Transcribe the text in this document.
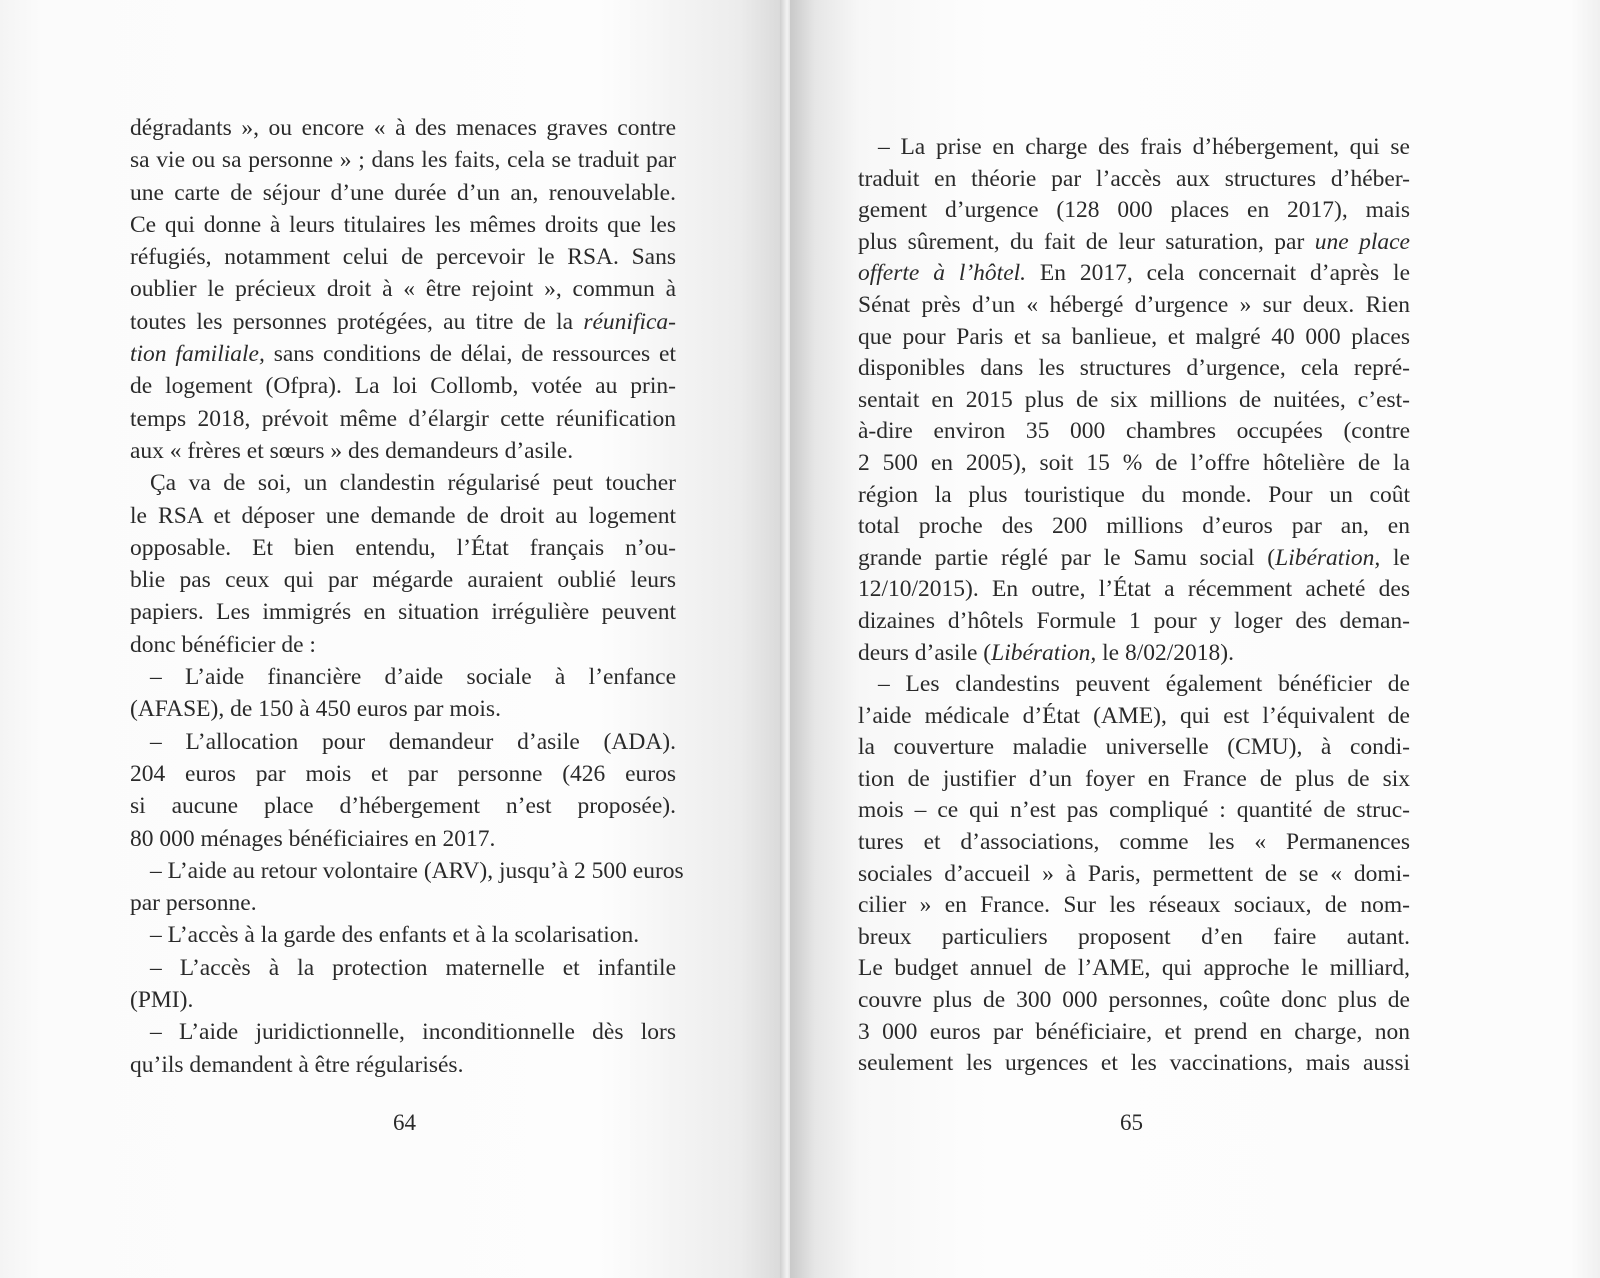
dégradants », ou encore « à des menaces graves contre
sa vie ou sa personne » ; dans les faits, cela se traduit par
une carte de séjour d’une durée d’un an, renouvelable.
Ce qui donne à leurs titulaires les mêmes droits que les
réfugiés, notamment celui de percevoir le RSA. Sans
oublier le précieux droit à « être rejoint », commun à
toutes les personnes protégées, au titre de la réunifica-
tion familiale, sans conditions de délai, de ressources et
de logement (Ofpra). La loi Collomb, votée au prin-
temps 2018, prévoit même d’élargir cette réunification
aux « frères et sœurs » des demandeurs d’asile.
Ça va de soi, un clandestin régularisé peut toucher
le RSA et déposer une demande de droit au logement
opposable. Et bien entendu, l’État français n’ou-
blie pas ceux qui par mégarde auraient oublié leurs
papiers. Les immigrés en situation irrégulière peuvent
donc bénéficier de :
– L’aide financière d’aide sociale à l’enfance
(AFASE), de 150 à 450 euros par mois.
– L’allocation pour demandeur d’asile (ADA).
204 euros par mois et par personne (426 euros
si aucune place d’hébergement n’est proposée).
80 000 ménages bénéficiaires en 2017.
– L’aide au retour volontaire (ARV), jusqu’à 2 500 euros
par personne.
– L’accès à la garde des enfants et à la scolarisation.
– L’accès à la protection maternelle et infantile
(PMI).
– L’aide juridictionnelle, inconditionnelle dès lors
qu’ils demandent à être régularisés.
64
– La prise en charge des frais d’hébergement, qui se
traduit en théorie par l’accès aux structures d’héber-
gement d’urgence (128 000 places en 2017), mais
plus sûrement, du fait de leur saturation, par une place
offerte à l’hôtel. En 2017, cela concernait d’après le
Sénat près d’un « hébergé d’urgence » sur deux. Rien
que pour Paris et sa banlieue, et malgré 40 000 places
disponibles dans les structures d’urgence, cela repré-
sentait en 2015 plus de six millions de nuitées, c’est-
à-dire environ 35 000 chambres occupées (contre
2 500 en 2005), soit 15 % de l’offre hôtelière de la
région la plus touristique du monde. Pour un coût
total proche des 200 millions d’euros par an, en
grande partie réglé par le Samu social (Libération, le
12/10/2015). En outre, l’État a récemment acheté des
dizaines d’hôtels Formule 1 pour y loger des deman-
deurs d’asile (Libération, le 8/02/2018).
– Les clandestins peuvent également bénéficier de
l’aide médicale d’État (AME), qui est l’équivalent de
la couverture maladie universelle (CMU), à condi-
tion de justifier d’un foyer en France de plus de six
mois – ce qui n’est pas compliqué : quantité de struc-
tures et d’associations, comme les « Permanences
sociales d’accueil » à Paris, permettent de se « domi-
cilier » en France. Sur les réseaux sociaux, de nom-
breux particuliers proposent d’en faire autant.
Le budget annuel de l’AME, qui approche le milliard,
couvre plus de 300 000 personnes, coûte donc plus de
3 000 euros par bénéficiaire, et prend en charge, non
seulement les urgences et les vaccinations, mais aussi
65
